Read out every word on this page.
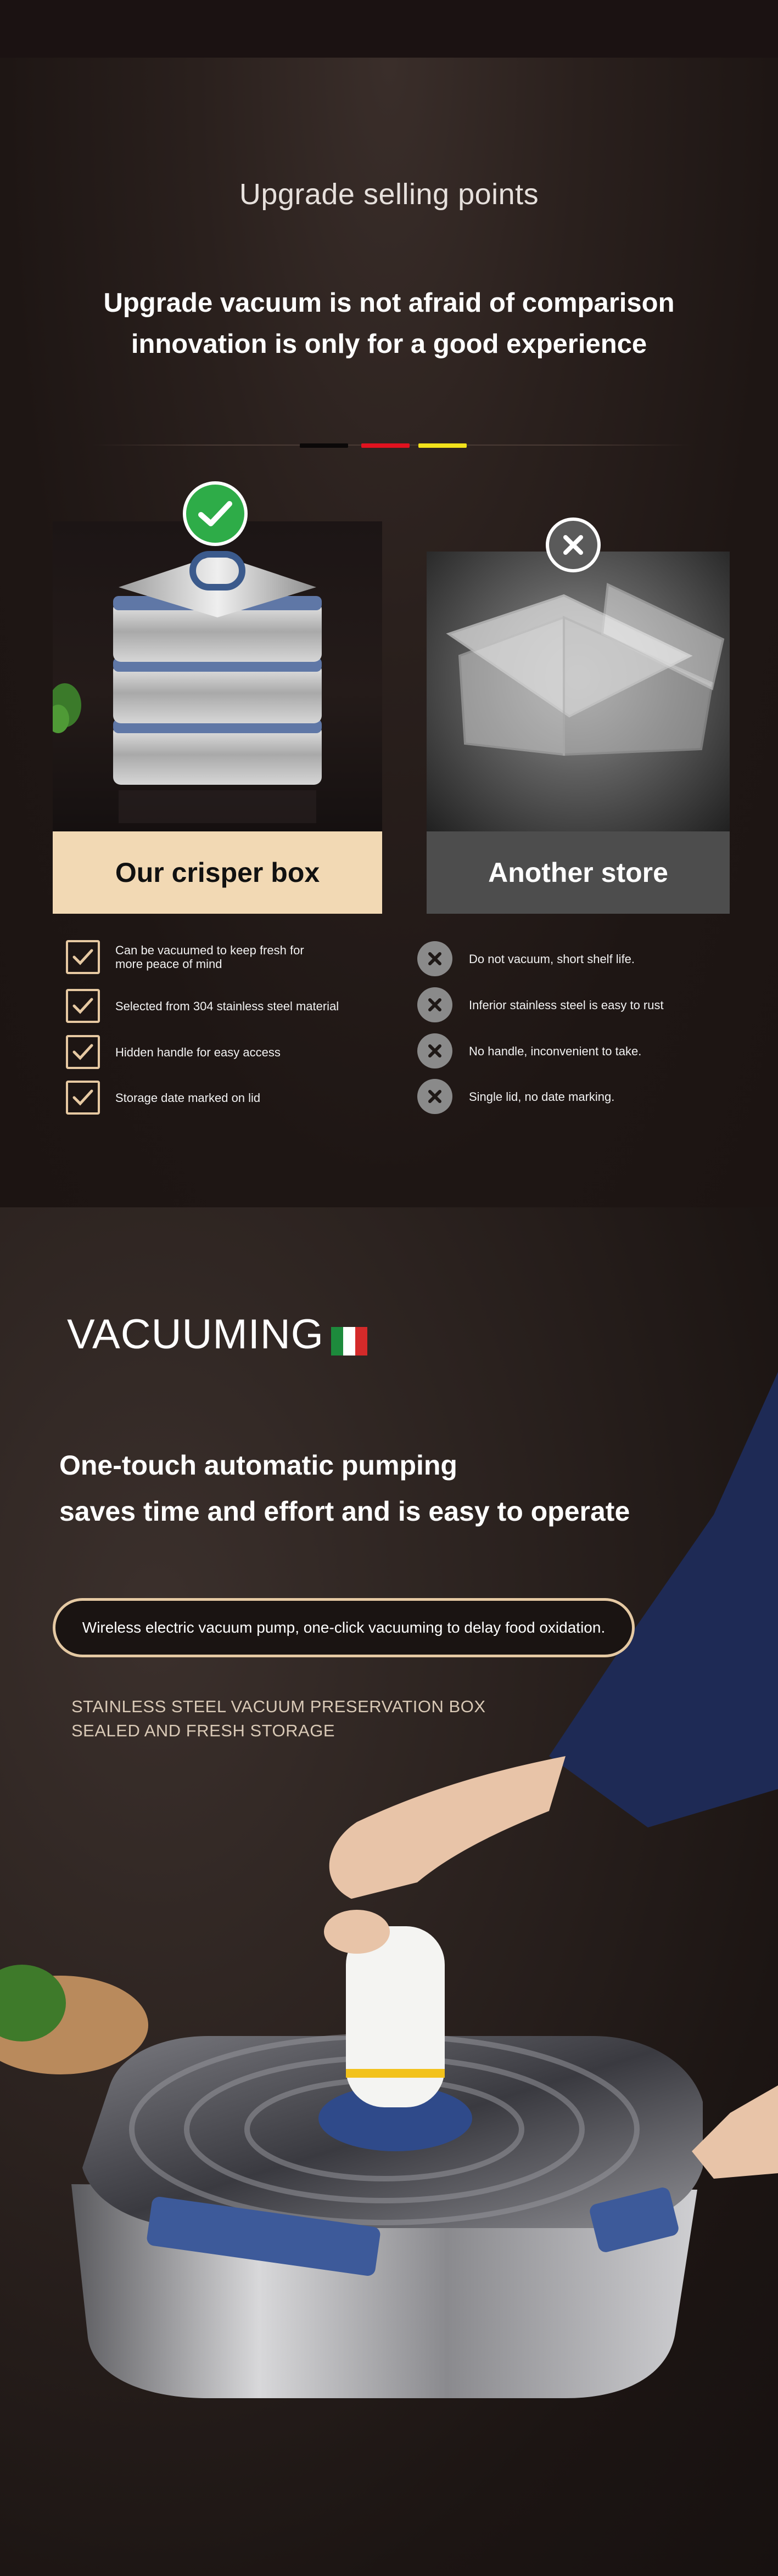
Upgrade selling points
Upgrade vacuum is not afraid of comparison
innovation is only for a good experience
Our crisper box	Another store
Can be vacuumed to keep fresh for
more peace of mind
Selected from 304 stainless steel material
Hidden handle for easy access
Storage date marked on lid
Do not vacuum, short shelf life.
Inferior stainless steel is easy to rust
No handle, inconvenient to take.
Single lid, no date marking.
VACUUMING
One-touch automatic pumping
saves time and effort and is easy to operate
Wireless electric vacuum pump, one-click vacuuming to delay food oxidation.
STAINLESS STEEL VACUUM PRESERVATION BOX
SEALED AND FRESH STORAGE
